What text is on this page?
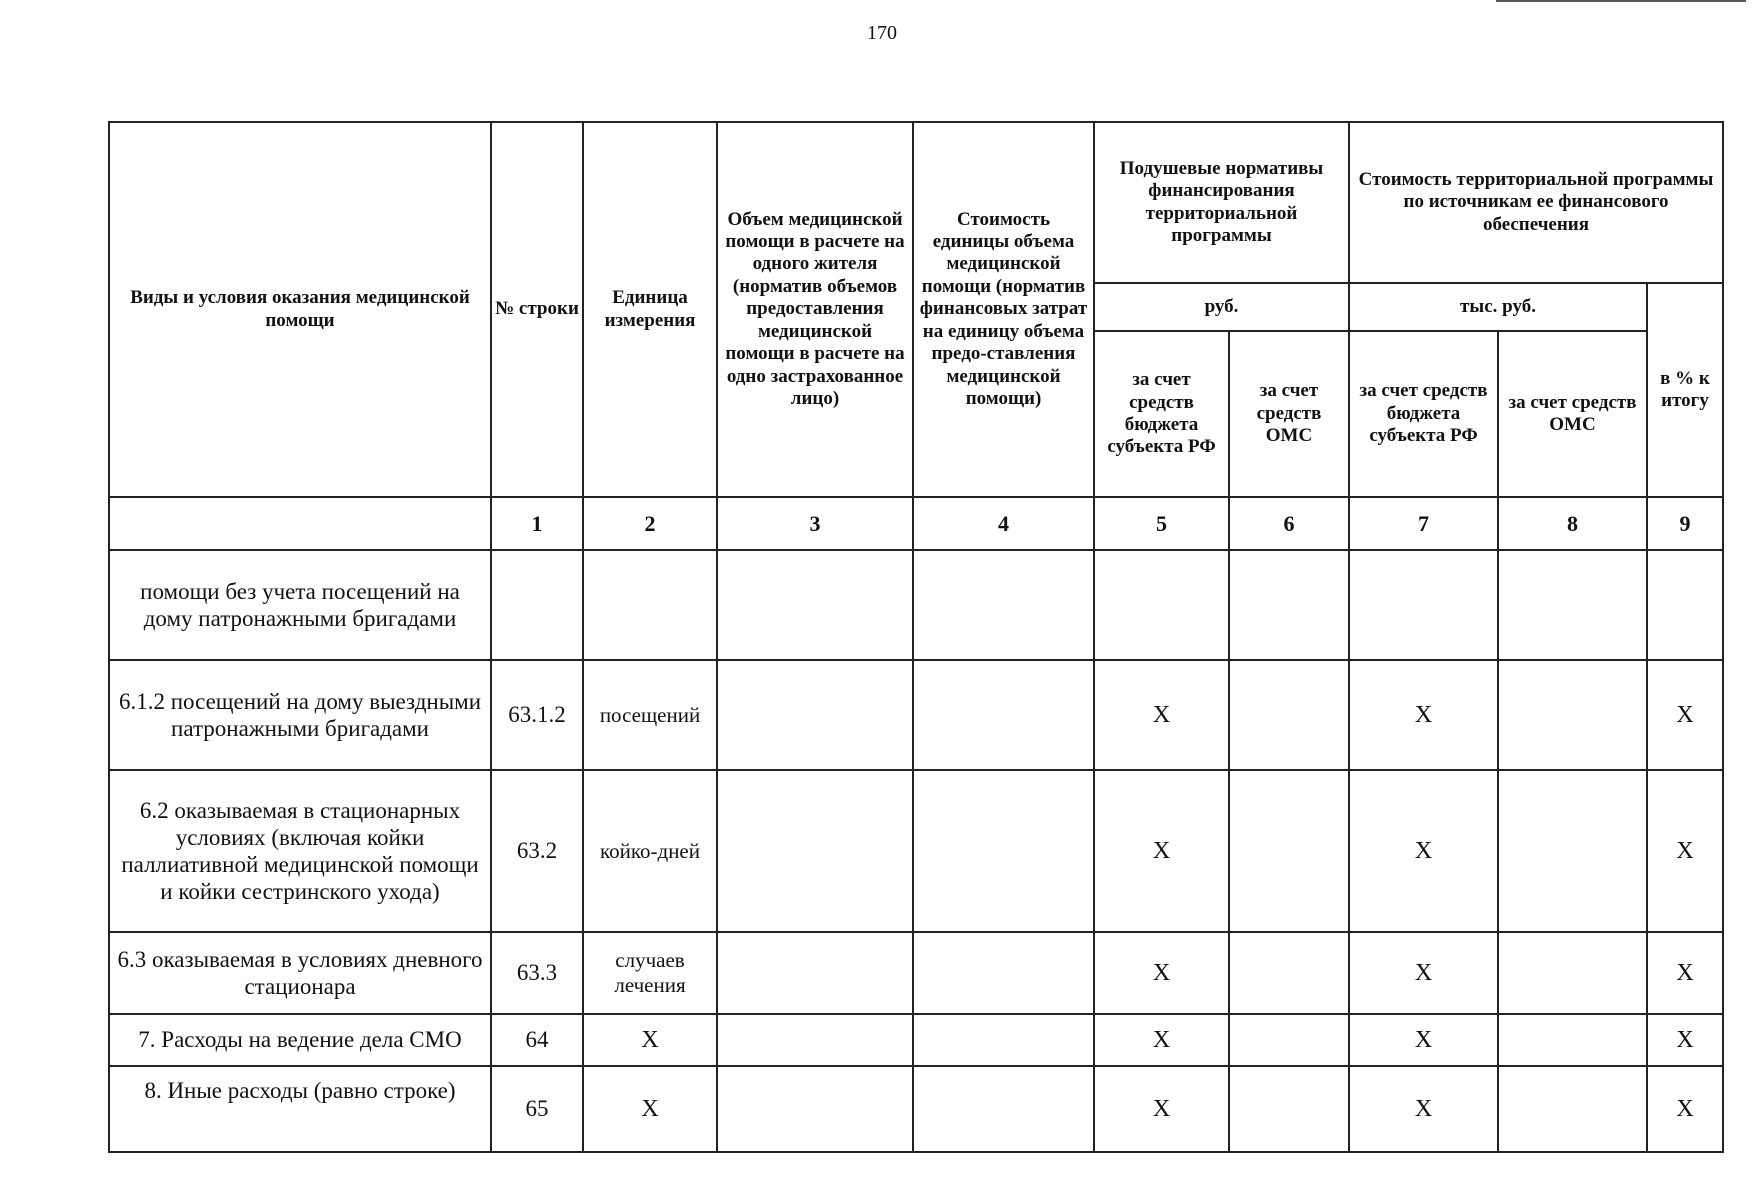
170
Виды и условия оказания медицинской помощи	№ строки	Единица измерения	Объем медицинской помощи в расчете на одного жителя (норматив объемов предоставления медицинской помощи в расчете на одно застрахованное лицо)	Стоимость единицы объема медицинской помощи (норматив финансовых затрат на единицу объема предо-ставления медицинской помощи)	Подушевые нормативы финансирования территориальной программы		Стоимость территориальной программы по источникам ее финансового обеспечения		
					руб.		тыс. руб.		в % к итогу
					за счет средств бюджета субъекта РФ	за счет средств ОМС	за счет средств бюджета субъекта РФ	за счет средств ОМС	
	1	2	3	4	5	6	7	8	9
помощи без учета посещений на дому патронажными бригадами									
6.1.2 посещений на дому выездными патронажными бригадами	63.1.2	посещений			X		X		X
6.2 оказываемая в стационарных условиях (включая койки паллиативной медицинской помощи и койки сестринского ухода)	63.2	койко-дней			X		X		X
6.3 оказываемая в условиях дневного стационара	63.3	случаев лечения			X		X		X
7. Расходы на ведение дела СМО	64	X			X		X		X
8. Иные расходы (равно строке)	65	X			X		X		X
